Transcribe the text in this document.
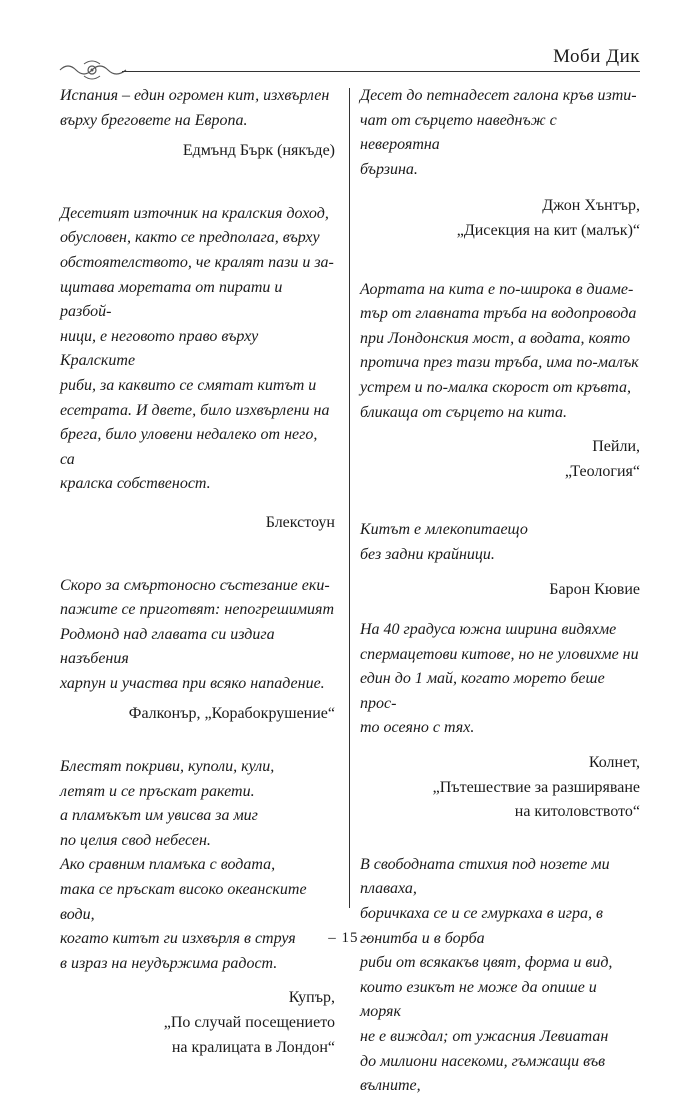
Моби Дик

Испания – един огромен кит, изхвърлен
върху бреговете на Европа.

Едмънд Бърк (някъде)

Десетият източник на кралския доход,
обусловен, както се предполага, върху
обстоятелството, че кралят пази и за-
щитава моретата от пирати и разбой-
ници, е неговото право върху Кралските
риби, за каквито се смятат китът и
есетрата. И двете, било изхвърлени на
брега, било уловени недалеко от него, са
кралска собственост.

Блекстоун

Скоро за смъртоносно състезание еки-
пажите се приготвят: непогрешимият
Родмонд над главата си издига назъбения
харпун и участва при всяко нападение.

Фалконър, „Корабокрушение“

Блестят покриви, куполи, кули,
летят и се пръскат ракети.
а пламъкът им увисва за миг
по целия свод небесен.
Ако сравним пламъка с водата,
така се пръскат високо океанските води,
когато китът ги изхвърля в струя
в израз на неудържима радост.

Купър,
„По случай посещението
на кралицата в Лондон“

Десет до петнадесет галона кръв изти-
чат от сърцето наведнъж с невероятна
бързина.

Джон Хънтър,
„Дисекция на кит (малък)“

Аортата на кита е по-широка в диаме-
тър от главната тръба на водопровода
при Лондонския мост, а водата, която
протича през тази тръба, има по-малък
устрем и по-малка скорост от кръвта,
бликаща от сърцето на кита.

Пейли,
„Теология“

Китът е млекопитаещо
без задни крайници.

Барон Кювие

На 40 градуса южна ширина видяхме
спермацетови китове, но не уловихме ни
един до 1 май, когато морето беше прос-
то осеяно с тях.

Колнет,
„Пътешествие за разширяване
на китоловството“

В свободната стихия под нозете ми
плаваха,
боричкаха се и се гмуркаха в игра, в
гонитба и в борба
риби от всякакъв цвят, форма и вид,
които езикът не може да опише и моряк
не е виждал; от ужасния Левиатан
до милиони насекоми, гъмжащи във
вълните,

– 15 –
